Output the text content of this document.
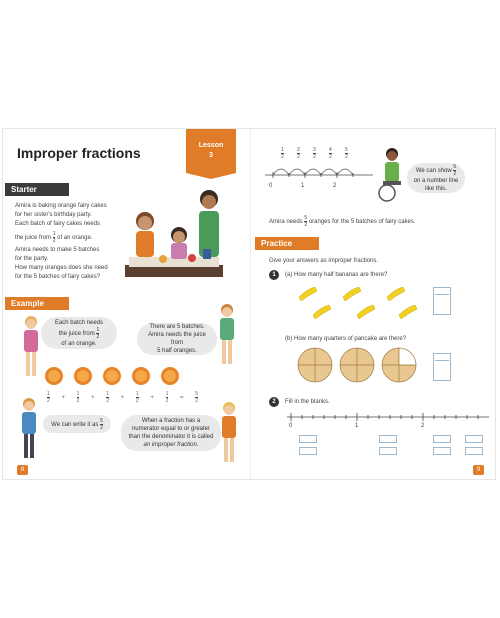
Improper fractions	Lesson
3
Starter
Amira is baking orange fairy cakes
for her sister's birthday party.
Each batch of fairy cakes needs
the juice from $\frac{1}{2}$ of an orange.
Amira needs to make 5 batches
for the party.
How many oranges does she need
for the 5 batches of fairy cakes?
Example
Each batch needs
the juice from $\frac{1}{2}$
of an orange.
There are 5 batches.
Amira needs the juice from
5 half oranges.
$\frac{1}{2} + \frac{1}{2} + \frac{1}{2} + \frac{1}{2} + \frac{1}{2} = \frac{5}{2}$
We can write it as $\frac{5}{2}$	When a fraction has a
numerator equal to or greater
than the denominator it is called
an improper fraction.
8
0	1	2
$\frac{1}{2}$	$\frac{2}{2}$	$\frac{3}{2}$	$\frac{4}{2}$	$\frac{5}{2}$
We can show $\frac{5}{2}$
on a number line
like this.
Amira needs $\frac{5}{2}$ oranges for the 5 batches of fairy cakes.
Practice
Give your answers as improper fractions.
1	(a) How many half bananas are there?
(b) How many quarters of pancake are there?
2	Fill in the blanks.
0	1	2
9
